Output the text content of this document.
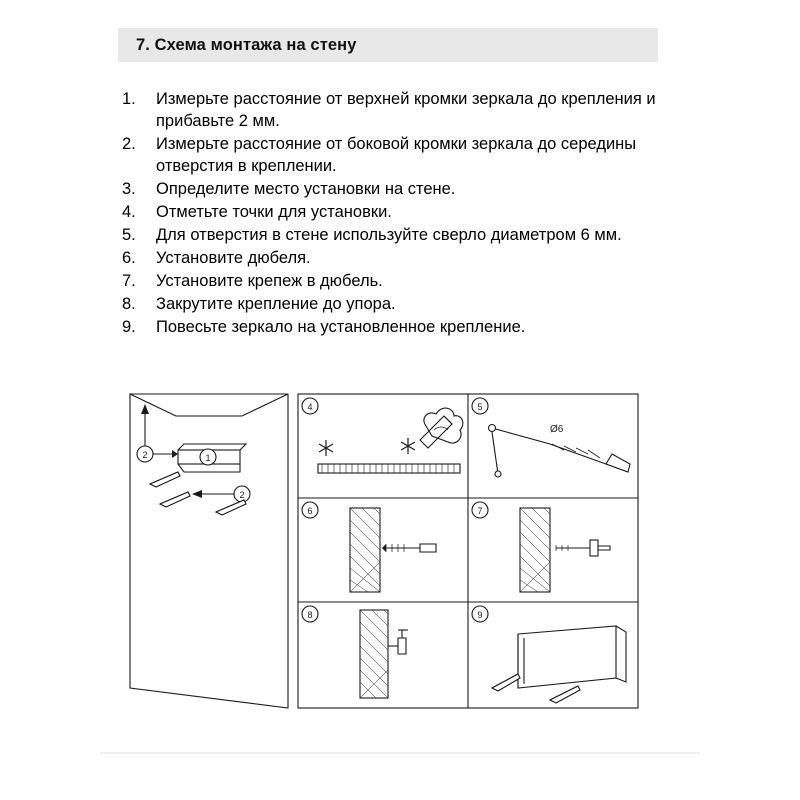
7. Схема монтажа на стену
1.	Измерьте расстояние от верхней кромки зеркала до крепления и прибавьте 2 мм.
2.	Измерьте расстояние от боковой кромки зеркала до середины отверстия в креплении.
3.	Определите место установки на стене.
4.	Отметьте точки для установки.
5.	Для отверстия в стене используйте сверло диаметром 6 мм.
6.	Установите дюбеля.
7.	Установите крепеж в дюбель.
8.	Закрутите крепление до упора.
9.	Повесьте зеркало на установленное крепление.
1
2
2
4	5
Ø6
6	7
8	9
